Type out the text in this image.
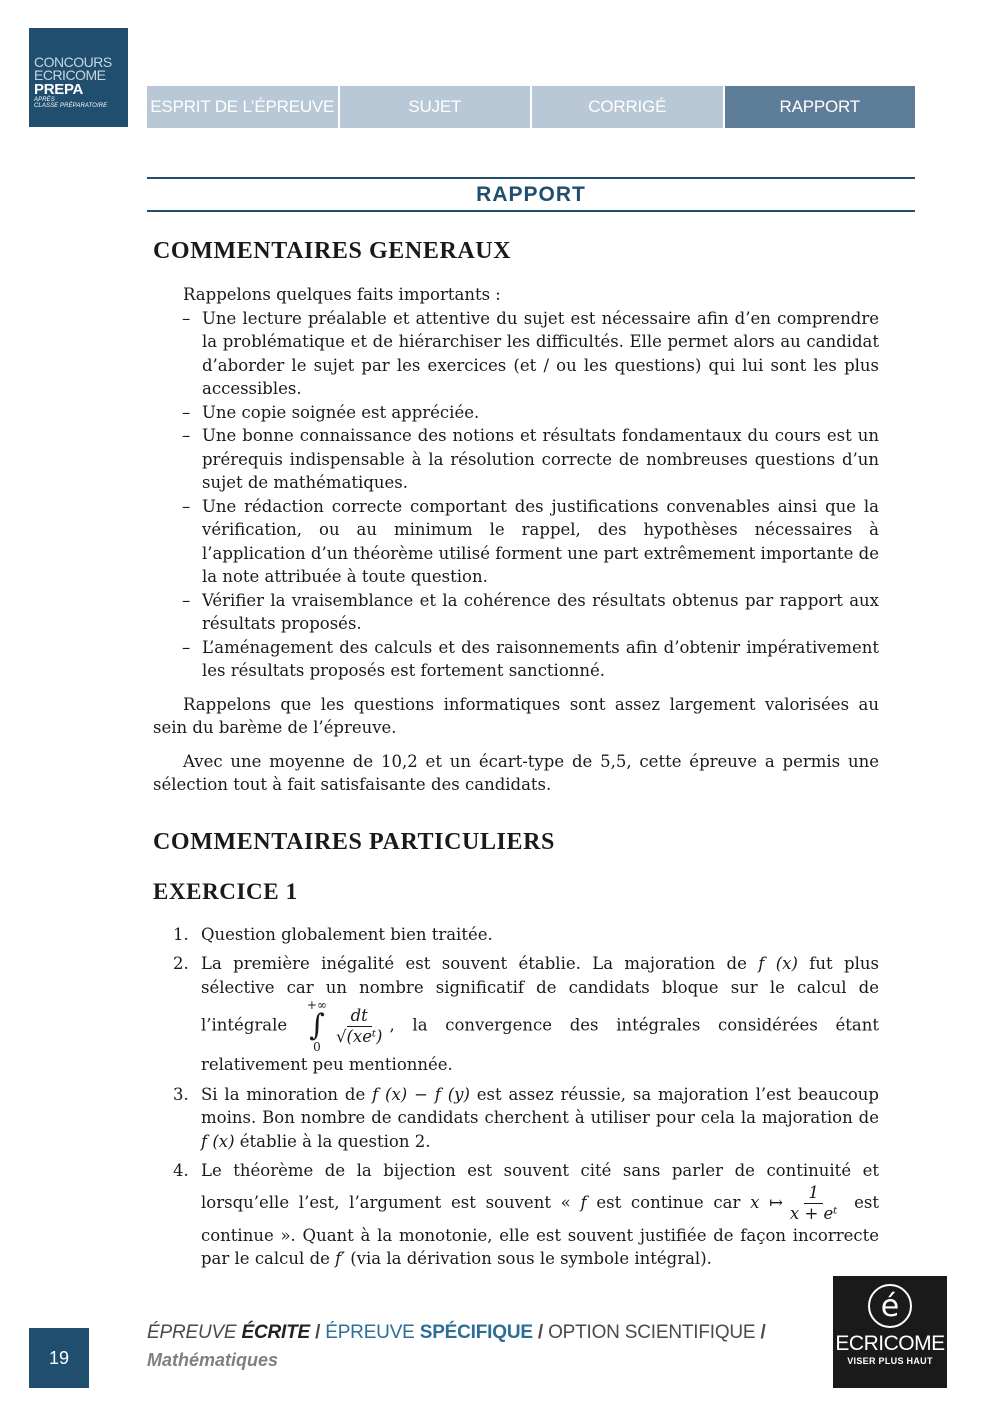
CONCOURS
ECRICOME
PREPA
APRÈS
CLASSE PRÉPARATOIRE	ESPRIT DE L’ÉPREUVE	SUJET	CORRIGÉ	RAPPORT
RAPPORT
COMMENTAIRES GENERAUX
Rappelons quelques faits importants :
– Une lecture préalable et attentive du sujet est nécessaire afin d’en comprendre la problématique et de hiérarchiser les difficultés. Elle permet alors au candidat d’aborder le sujet par les exercices (et / ou les questions) qui lui sont les plus accessibles.
– Une copie soignée est appréciée.
– Une bonne connaissance des notions et résultats fondamentaux du cours est un prérequis indispensable à la résolution correcte de nombreuses questions d’un sujet de mathématiques.
– Une rédaction correcte comportant des justifications convenables ainsi que la vérification, ou au minimum le rappel, des hypothèses nécessaires à l’application d’un théorème utilisé forment une part extrêmement importante de la note attribuée à toute question.
– Vérifier la vraisemblance et la cohérence des résultats obtenus par rapport aux résultats proposés.
– L’aménagement des calculs et des raisonnements afin d’obtenir impérativement les résultats proposés est fortement sanctionné.

Rappelons que les questions informatiques sont assez largement valorisées au sein du barème de l’épreuve.

Avec une moyenne de 10,2 et un écart-type de 5,5, cette épreuve a permis une sélection tout à fait satisfaisante des candidats.

COMMENTAIRES PARTICULIERS
EXERCICE 1
1. Question globalement bien traitée.
2. La première inégalité est souvent établie. La majoration de f (x) fut plus sélective car un nombre significatif de candidats bloque sur le calcul de l’intégrale
+∞
∫
0
$\frac{dt}{\text{√(xeᵗ)}}$ , la convergence des intégrales considérées étant relativement peu mentionnée.
3. Si la minoration de f (x) − f (y) est assez réussie, sa majoration l’est beaucoup moins. Bon nombre de candidats cherchent à utiliser pour cela la majoration de f (x) établie à la question 2.
4. Le théorème de la bijection est souvent cité sans parler de continuité et lorsqu’elle l’est, l’argument est souvent « f est continue car x ↦ $\frac{1}{\text{x + eᵗ}}$ est continue ». Quant à la monotonie, elle est souvent justifiée de façon incorrecte par le calcul de f′ (via la dérivation sous le symbole intégral).
19
ÉPREUVE ÉCRITE / ÉPREUVE SPÉCIFIQUE / OPTION SCIENTIFIQUE /
Mathématiques
é
ECRICOME
VISER PLUS HAUT
